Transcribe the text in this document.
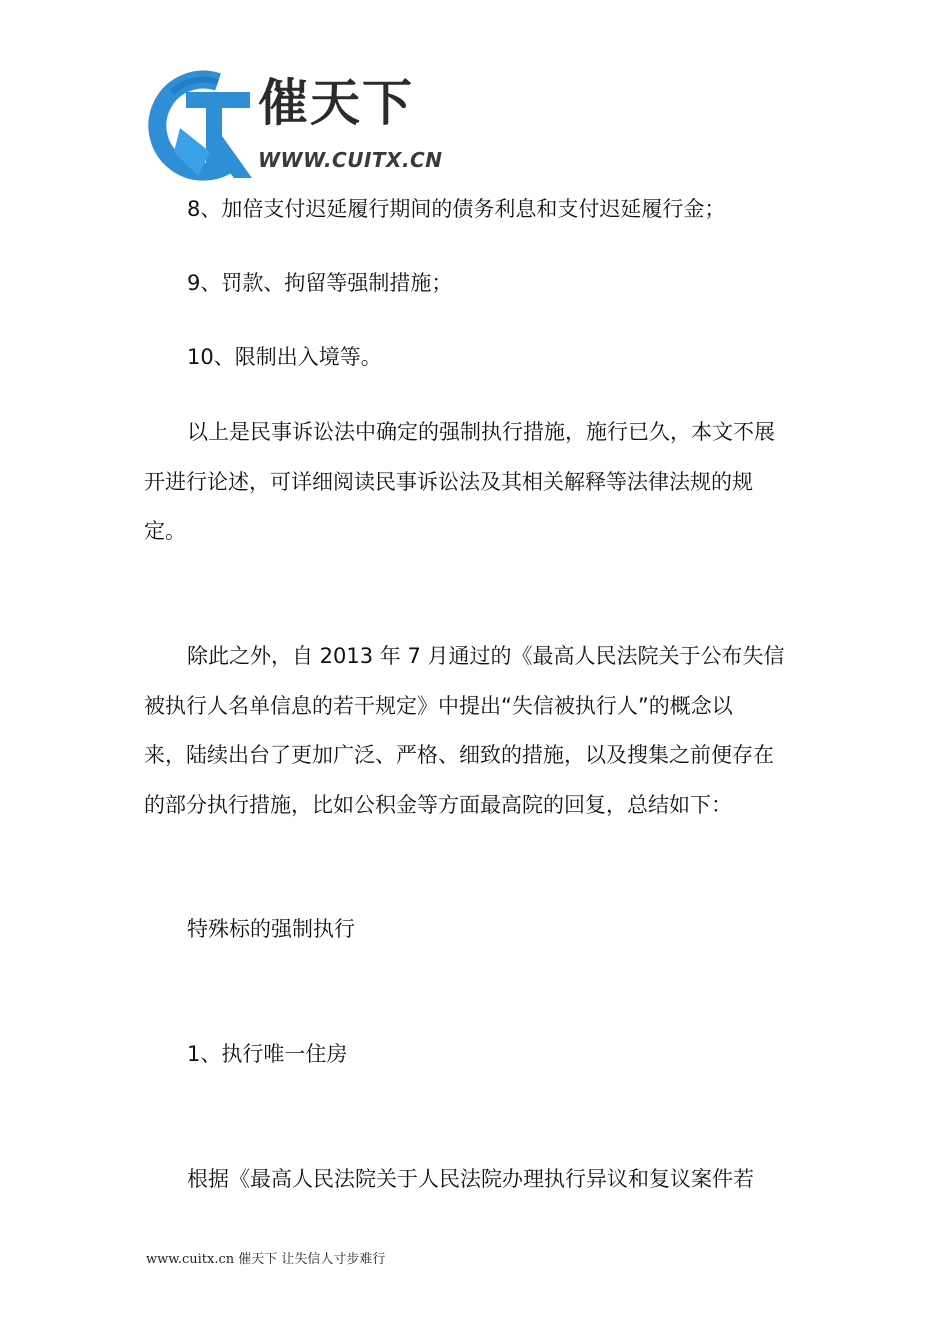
催天下
WWW.CUITX.CN
8、加倍支付迟延履行期间的债务利息和支付迟延履行金；
9、罚款、拘留等强制措施；
10、限制出入境等。
以上是民事诉讼法中确定的强制执行措施，施行已久，本文不展
开进行论述，可详细阅读民事诉讼法及其相关解释等法律法规的规
定。
除此之外，自 2013 年 7 月通过的《最高人民法院关于公布失信
被执行人名单信息的若干规定》中提出“失信被执行人”的概念以
来，陆续出台了更加广泛、严格、细致的措施，以及搜集之前便存在
的部分执行措施，比如公积金等方面最高院的回复，总结如下：
特殊标的强制执行
1、执行唯一住房
根据《最高人民法院关于人民法院办理执行异议和复议案件若
www.cuitx.cn 催天下 让失信人寸步难行
